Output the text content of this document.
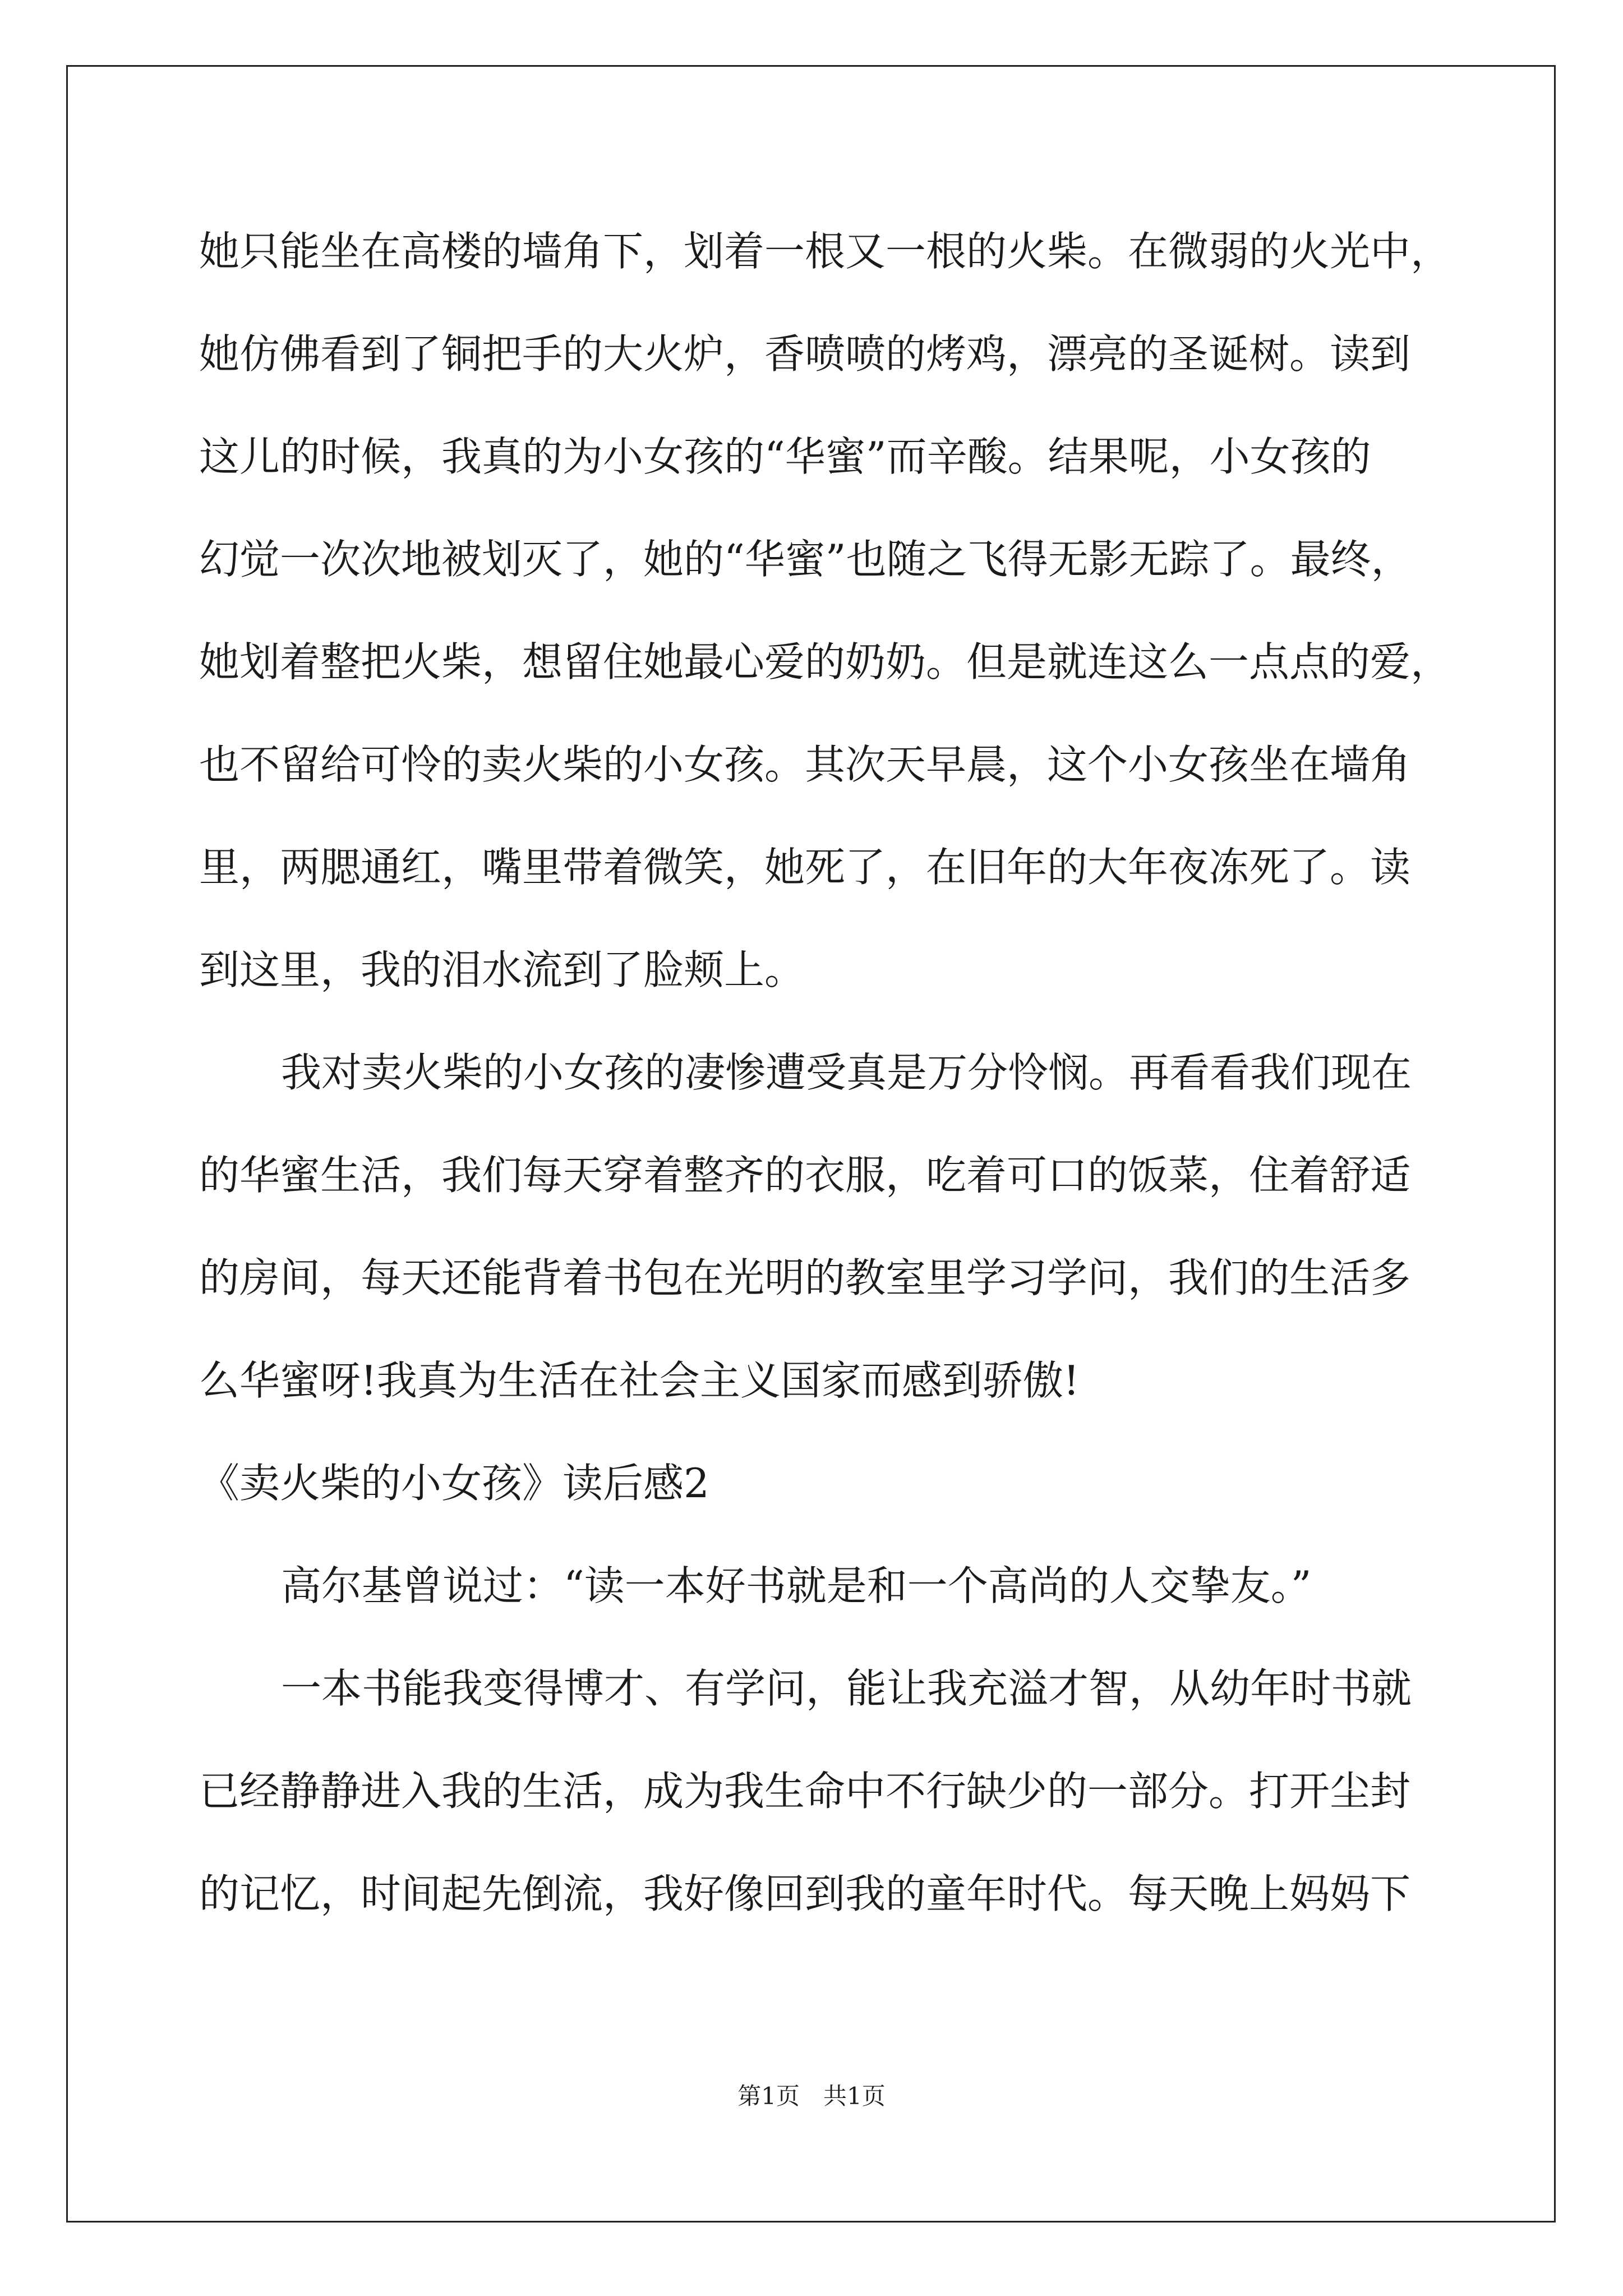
她只能坐在高楼的墙角下，划着一根又一根的火柴。在微弱的火光中，
她仿佛看到了铜把手的大火炉，香喷喷的烤鸡，漂亮的圣诞树。读到
这儿的时候，我真的为小女孩的“华蜜”而辛酸。结果呢，小女孩的
幻觉一次次地被划灭了，她的“华蜜”也随之飞得无影无踪了。最终，
她划着整把火柴，想留住她最心爱的奶奶。但是就连这么一点点的爱，
也不留给可怜的卖火柴的小女孩。其次天早晨，这个小女孩坐在墙角
里，两腮通红，嘴里带着微笑，她死了，在旧年的大年夜冻死了。读
到这里，我的泪水流到了脸颊上。
我对卖火柴的小女孩的凄惨遭受真是万分怜悯。再看看我们现在
的华蜜生活，我们每天穿着整齐的衣服，吃着可口的饭菜，住着舒适
的房间，每天还能背着书包在光明的教室里学习学问，我们的生活多
么华蜜呀!我真为生活在社会主义国家而感到骄傲!
《卖火柴的小女孩》读后感2
高尔基曾说过：“读一本好书就是和一个高尚的人交挚友。”
一本书能我变得博才、有学问，能让我充溢才智，从幼年时书就
已经静静进入我的生活，成为我生命中不行缺少的一部分。打开尘封
的记忆，时间起先倒流，我好像回到我的童年时代。每天晚上妈妈下
第1页　共1页
